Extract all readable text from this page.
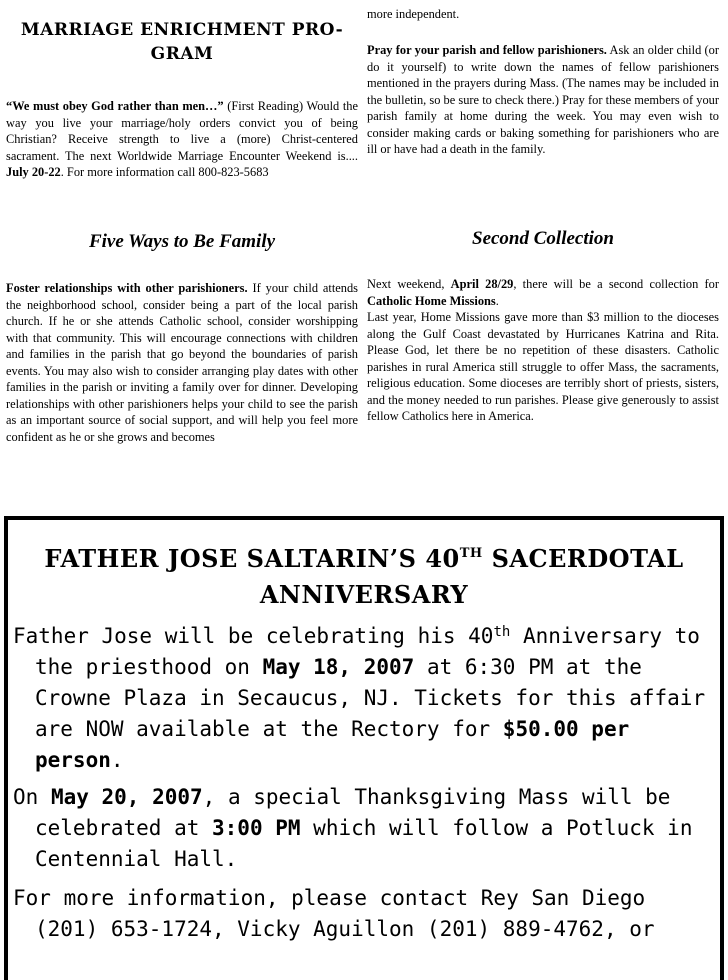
MARRIAGE ENRICHMENT PRO-
GRAM

“We must obey God rather than men…” (First Reading) Would the way you live your marriage/holy orders convict you of being Christian? Receive strength to live a (more) Christ-centered sacrament. The next Worldwide Marriage Encounter Weekend is.... July 20-22. For more information call 800-823-5683

Five Ways to Be Family

Foster relationships with other parishioners. If your child attends the neighborhood school, consider being a part of the local parish church. If he or she attends Catholic school, consider worshipping with that community. This will encourage connections with children and families in the parish that go beyond the boundaries of parish events. You may also wish to consider arranging play dates with other families in the parish or inviting a family over for dinner. Developing relationships with other parishioners helps your child to see the parish as an important source of social support, and will help you feel more confident as he or she grows and becomes

more independent.

Pray for your parish and fellow parishioners. Ask an older child (or do it yourself) to write down the names of fellow parishioners mentioned in the prayers during Mass. (The names may be included in the bulletin, so be sure to check there.) Pray for these members of your parish family at home during the week. You may even wish to consider making cards or baking something for parishioners who are ill or have had a death in the family.

Second Collection

Next weekend, April 28/29, there will be a second collection for Catholic Home Missions.

Last year, Home Missions gave more than $3 million to the dioceses along the Gulf Coast devastated by Hurricanes Katrina and Rita. Please God, let there be no repetition of these disasters. Catholic parishes in rural America still struggle to offer Mass, the sacraments, religious education. Some dioceses are terribly short of priests, sisters, and the money needed to run parishes. Please give generously to assist fellow Catholics here in America.

FATHER JOSE SALTARIN’S 40TH SACERDOTAL ANNIVERSARY

Father Jose will be celebrating his 40th Anniversary to the priesthood on May 18, 2007 at 6:30 PM at the Crowne Plaza in Secaucus, NJ. Tickets for this affair are NOW available at the Rectory for $50.00 per person.

On May 20, 2007, a special Thanksgiving Mass will be celebrated at 3:00 PM which will follow a Potluck in Centennial Hall.

For more information, please contact Rey San Diego (201) 653-1724, Vicky Aguillon (201) 889-4762, or
